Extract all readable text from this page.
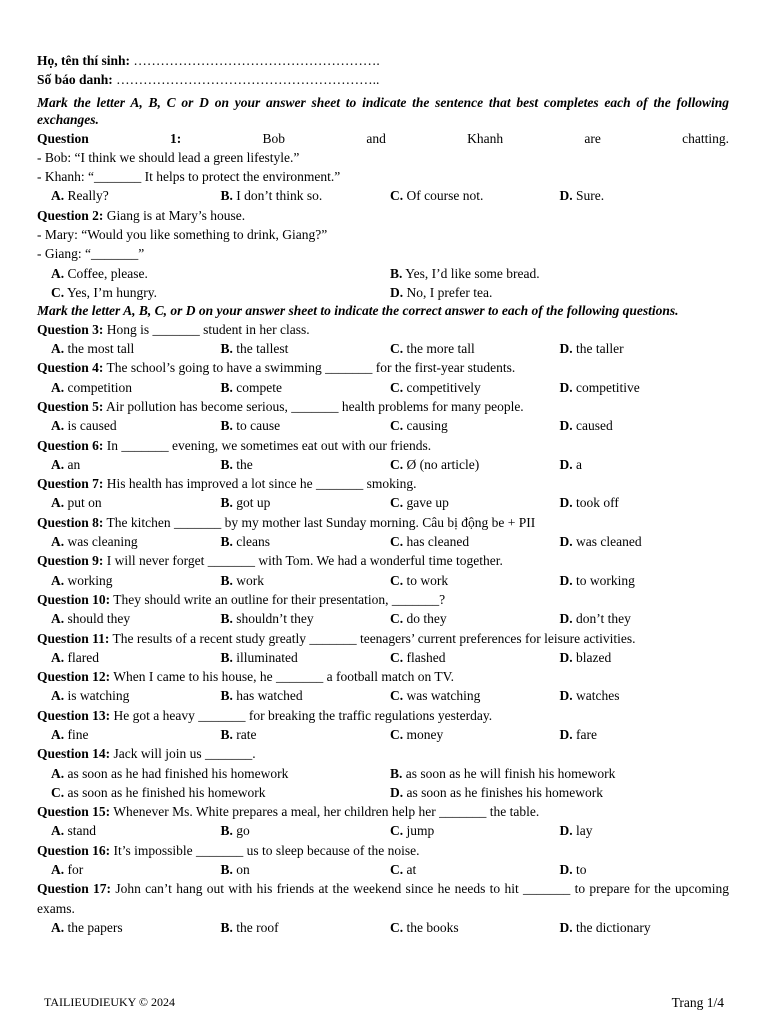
Họ, tên thí sinh: ……………………………………………….
Số báo danh: …………………………………………………..
Mark the letter A, B, C or D on your answer sheet to indicate the sentence that best completes each of the following exchanges.
Question	1:	Bob	and	Khanh	are	chatting.
- Bob: “I think we should lead a green lifestyle.”
- Khanh: “_______ It helps to protect the environment.”
A. Really?	B. I don’t think so.	C. Of course not.	D. Sure.
Question 2: Giang is at Mary’s house.
- Mary: “Would you like something to drink, Giang?”
- Giang: “_______”
A. Coffee, please.	B. Yes, I’d like some bread.
C. Yes, I’m hungry.	D. No, I prefer tea.
Mark the letter A, B, C, or D on your answer sheet to indicate the correct answer to each of the following questions.
Question 3: Hong is _______ student in her class.
A. the most tall	B. the tallest	C. the more tall	D. the taller
Question 4: The school’s going to have a swimming _______ for the first-year students.
A. competition	B. compete	C. competitively	D. competitive
Question 5: Air pollution has become serious, _______ health problems for many people.
A. is caused	B. to cause	C. causing	D. caused
Question 6: In _______ evening, we sometimes eat out with our friends.
A. an	B. the	C. Ø (no article)	D. a
Question 7: His health has improved a lot since he _______ smoking.
A. put on	B. got up	C. gave up	D. took off
Question 8: The kitchen _______ by my mother last Sunday morning. Câu bị động be + PII
A. was cleaning	B. cleans	C. has cleaned	D. was cleaned
Question 9: I will never forget _______ with Tom. We had a wonderful time together.
A. working	B. work	C. to work	D. to working
Question 10: They should write an outline for their presentation, _______?
A. should they	B. shouldn’t they	C. do they	D. don’t they
Question 11: The results of a recent study greatly _______ teenagers’ current preferences for leisure activities.
A. flared	B. illuminated	C. flashed	D. blazed
Question 12: When I came to his house, he _______ a football match on TV.
A. is watching	B. has watched	C. was watching	D. watches
Question 13: He got a heavy _______ for breaking the traffic regulations yesterday.
A. fine	B. rate	C. money	D. fare
Question 14: Jack will join us _______.
A. as soon as he had finished his homework	B. as soon as he will finish his homework
C. as soon as he finished his homework	D. as soon as he finishes his homework
Question 15: Whenever Ms. White prepares a meal, her children help her _______ the table.
A. stand	B. go	C. jump	D. lay
Question 16: It’s impossible _______ us to sleep because of the noise.
A. for	B. on	C. at	D. to
Question 17: John can’t hang out with his friends at the weekend since he needs to hit _______ to prepare for the upcoming exams.
A. the papers	B. the roof	C. the books	D. the dictionary
TAILIEUDIEUKY © 2024	Trang 1/4
